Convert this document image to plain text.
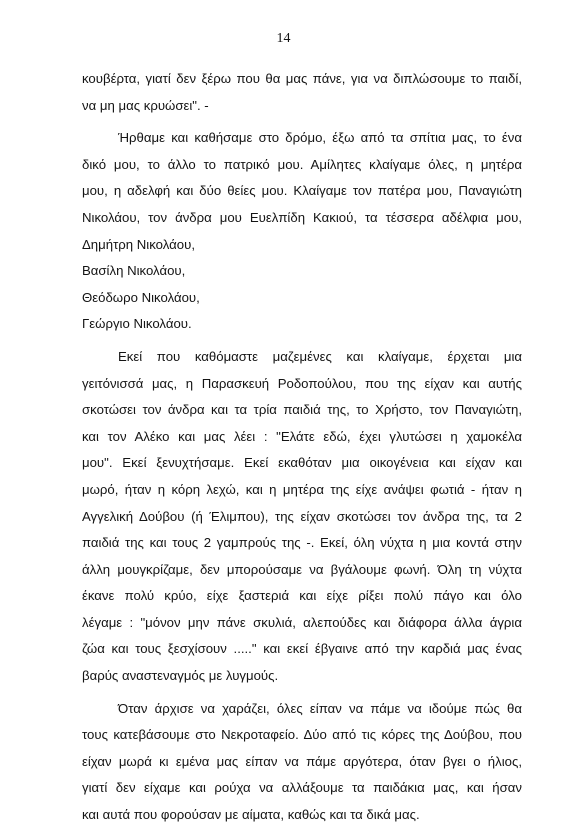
14
κουβέρτα, γιατί δεν ξέρω που θα μας πάνε, για να διπλώσουμε το παιδί,
να μη μας κρυώσει". -
Ήρθαμε και καθήσαμε στο δρόμο, έξω από τα σπίτια μας, το ένα
δικό μου, το άλλο το πατρικό μου. Αμίλητες κλαίγαμε όλες, η μητέρα
μου, η αδελφή και δύο θείες μου. Κλαίγαμε τον πατέρα μου, Παναγιώτη
Νικολάου, τον άνδρα μου Ευελπίδη Κακιού, τα τέσσερα αδέλφια μου,
Δημήτρη Νικολάου,
Βασίλη Νικολάου,
Θεόδωρο Νικολάου,
Γεώργιο Νικολάου.
Εκεί που καθόμαστε μαζεμένες και κλαίγαμε, έρχεται μια
γειτόνισσά μας, η Παρασκευή Ροδοπούλου, που της είχαν και αυτής
σκοτώσει τον άνδρα και τα τρία παιδιά της, το Χρήστο, τον Παναγιώτη,
και τον Αλέκο και μας λέει : "Ελάτε εδώ, έχει γλυτώσει η χαμοκέλα
μου". Εκεί ξενυχτήσαμε. Εκεί εκαθόταν μια οικογένεια και είχαν και
μωρό, ήταν η κόρη λεχώ, και η μητέρα της είχε ανάψει φωτιά - ήταν η
Αγγελική Δούβου (ή Έλιμπου), της είχαν σκοτώσει τον άνδρα της, τα 2
παιδιά της και τους 2 γαμπρούς της -. Εκεί, όλη νύχτα η μια κοντά στην
άλλη μουγκρίζαμε, δεν μπορούσαμε να βγάλουμε φωνή. Όλη τη νύχτα
έκανε πολύ κρύο, είχε ξαστεριά και είχε ρίξει πολύ πάγο και όλο
λέγαμε : "μόνον μην πάνε σκυλιά, αλεπούδες και διάφορα άλλα άγρια
ζώα και τους ξεσχίσουν ....." και εκεί έβγαινε από την καρδιά μας ένας
βαρύς αναστεναγμός με λυγμούς.
Όταν άρχισε να χαράζει, όλες είπαν να πάμε να ιδούμε πώς θα
τους κατεβάσουμε στο Νεκροταφείο. Δύο από τις κόρες της Δούβου, που
είχαν μωρά κι εμένα μας είπαν να πάμε αργότερα, όταν βγει ο ήλιος,
γιατί δεν είχαμε και ρούχα να αλλάξουμε τα παιδάκια μας, και ήσαν
και αυτά που φορούσαν με αίματα, καθώς και τα δικά μας.
